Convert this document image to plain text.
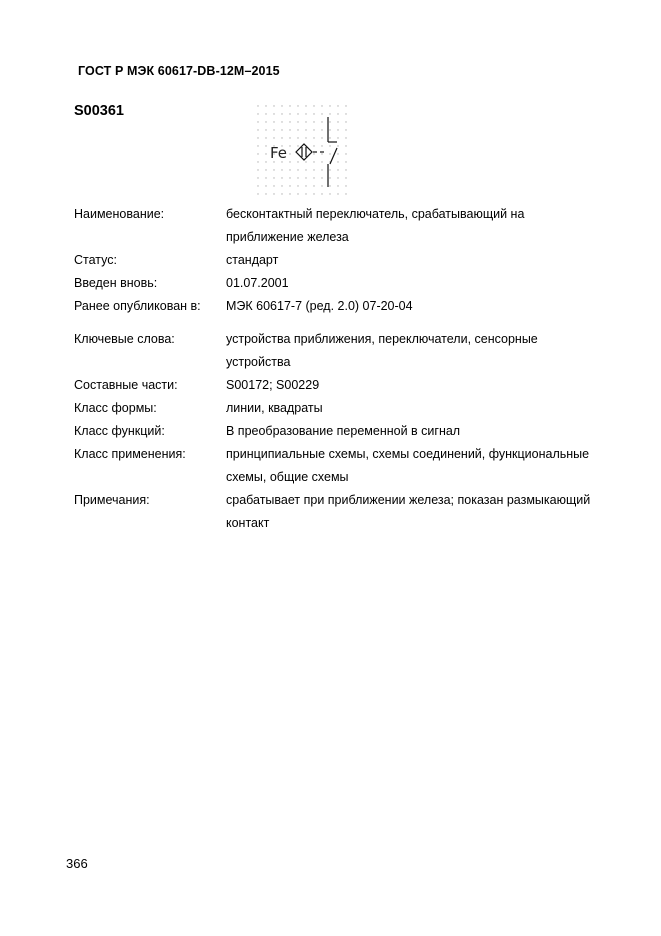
ГОСТ Р МЭК 60617-DB-12M–2015
S00361
Fe
Наименование:	бесконтактный переключатель, срабатывающий на приближение железа
Статус:	стандарт
Введен вновь:	01.07.2001
Ранее опубликован в:	МЭК 60617-7 (ред. 2.0) 07-20-04
Ключевые слова:	устройства приближения, переключатели, сенсорные устройства
Составные части:	S00172; S00229
Класс формы:	линии, квадраты
Класс функций:	B преобразование переменной в сигнал
Класс применения:	принципиальные схемы, схемы соединений, функциональные схемы, общие схемы
Примечания:	срабатывает при приближении железа; показан размыкающий контакт
366
